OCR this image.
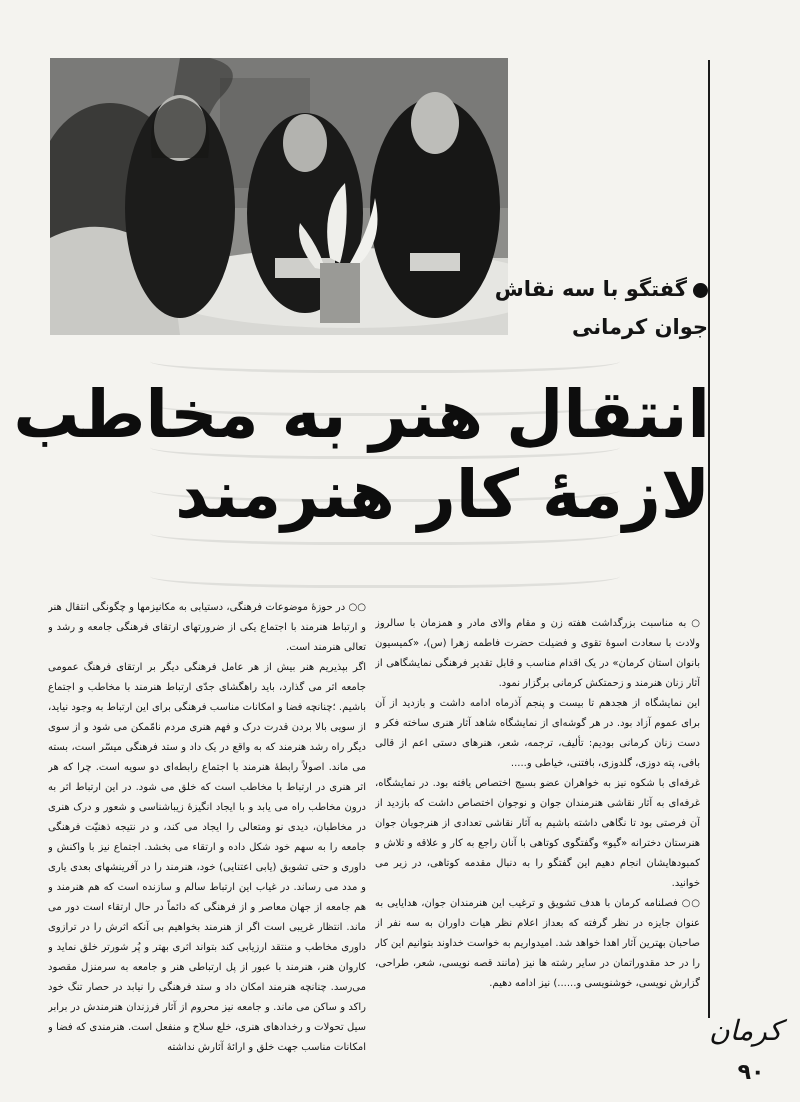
گفتگو با سه نقاش
جوان کرمانی
انتقال هنر به مخاطب
لازمۀ کار هنرمند

○ به مناسبت بزرگداشت هفته زن و مقام والای مادر و همزمان با سالروز ولادت با سعادت اسوۀ تقوی و فضیلت حضرت فاطمه زهرا (س)، «کمیسیون بانوان استان کرمان» در یک اقدام مناسب و قابل تقدیر فرهنگی نمایشگاهی از آثار زنان هنرمند و زحمتکش کرمانی برگزار نمود.

این نمایشگاه از هجدهم تا بیست و پنجم آذرماه ادامه داشت و بازدید از آن برای عموم آزاد بود. در هر گوشه‌ای از نمایشگاه شاهد آثار هنری ساخته فکر و دست زنان کرمانی بودیم: تألیف، ترجمه، شعر، هنرهای دستی اعم از قالی بافی، پته دوزی، گلدوزی، بافتنی، خیاطی و.....

غرفه‌ای با شکوه نیز به خواهران عضو بسیج اختصاص یافته بود. در نمایشگاه، غرفه‌ای به آثار نقاشی هنرمندان جوان و نوجوان اختصاص داشت که بازدید از آن فرصتی بود تا نگاهی داشته باشیم به آثار نقاشی تعدادی از هنرجویان جوان هنرستان دخترانه «گیو» وگفتگوی کوتاهی با آنان راجع به کار و علاقه و تلاش و کمبودهایشان انجام دهیم این گفتگو را به دنبال مقدمه کوتاهی، در زیر می خوانید.

○○ فصلنامه کرمان با هدف تشویق و ترغیب این هنرمندان جوان، هدایایی به عنوان جایزه در نظر گرفته که بعداز اعلام نظر هیات داوران به سه نفر از صاحبان بهترین آثار اهدا خواهد شد. امیدواریم به خواست خداوند بتوانیم این کار را در حد مقدوراتمان در سایر رشته ها نیز (مانند قصه نویسی، شعر، طراحی، گزارش نویسی، خوشنویسی و......) نیز ادامه دهیم.

○○ در حوزۀ موضوعات فرهنگی، دستیابی به مکانیزمها و چگونگی انتقال هنر و ارتباط هنرمند با اجتماع یکی از ضرورتهای ارتقای فرهنگی جامعه و رشد و تعالی هنرمند است.

اگر بپذیریم هنر بیش از هر عامل فرهنگی دیگر بر ارتقای فرهنگ عمومی جامعه اثر می گذارد، باید راهگشای جدّی ارتباط هنرمند با مخاطب و اجتماع باشیم. ؛چنانچه فضا و امکانات مناسب فرهنگی برای این ارتباط به وجود نیاید، از سویی بالا بردن قدرت درک و فهم هنری مردم نامّمکن می شود و از سوی دیگر راه رشد هنرمند که به واقع در یک داد و ستد فرهنگی میسّر است، بسته می ماند. اصولاً رابطۀ هنرمند با اجتماع رابطه‌ای دو سویه است. چرا که هر اثر هنری در ارتباط با مخاطب است که خلق می شود. در این ارتباط اثر به درون مخاطب راه می یابد و با ایجاد انگیزۀ زیباشناسی و شعور و درک هنری در مخاطبان، دیدی نو ومتعالی را ایجاد می کند، و در نتیجه ذهنیّت فرهنگی جامعه را به سهم خود شکل داده و ارتقاء می بخشد. اجتماع نیز با واکنش و داوری و حتی تشویق (یابی اعتنایی) خود، هنرمند را در آفرینشهای بعدی یاری و مدد می رساند. در غیاب این ارتباط سالم و سازنده است که هم هنرمند و هم جامعه از جهان معاصر و از فرهنگی که دائماً در حال ارتقاء است دور می ماند. انتظار غریبی است اگر از هنرمند بخواهیم بی آنکه اثرش را در ترازوی داوری مخاطب و منتقد ارزیابی کند بتواند اثری بهتر و پُر شورتر خلق نماید و کاروان هنر، هنرمند با عبور از پل ارتباطی هنر و جامعه به سرمنزل مقصود می‌رسد. چنانچه هنرمند امکان داد و ستد فرهنگی را نیابد در حصار تنگ خود راکد و ساکن می ماند. و جامعه نیز محروم از آثار فرزندان هنرمندش در برابر سیل تحولات و رخدادهای هنری، خلع سلاح و منفعل است. هنرمندی که فضا و امکانات مناسب جهت خلق و ارائۀ آثارش نداشته

کرمان
۹۰
